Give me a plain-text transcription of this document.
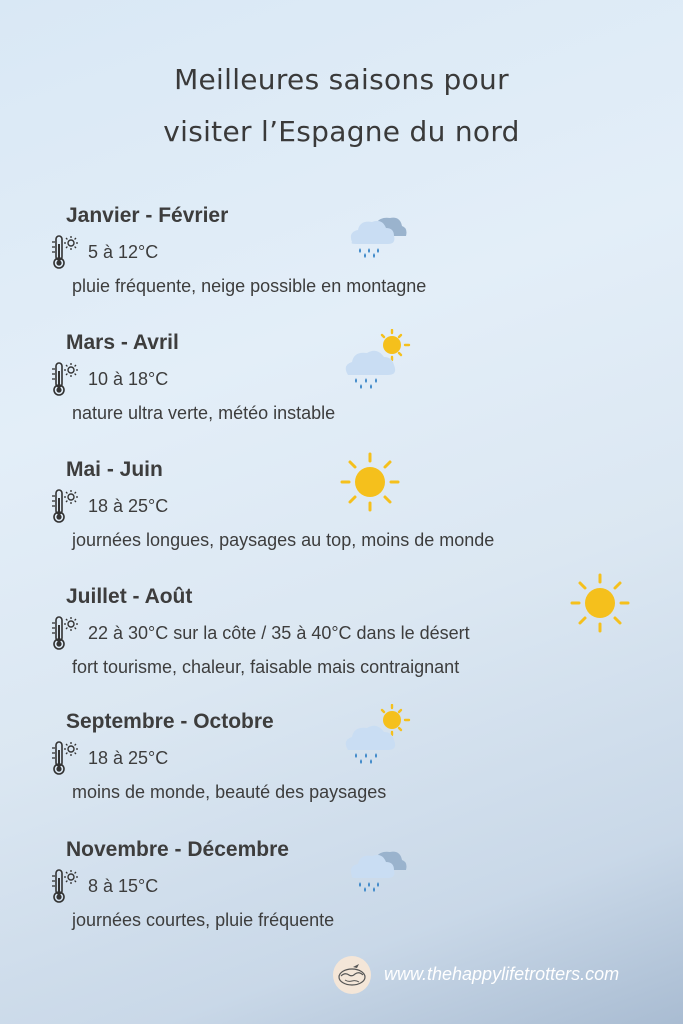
Meilleures saisons pour
visiter l’Espagne du nord
Janvier - Février
5 à 12°C
pluie fréquente, neige possible en montagne
Mars - Avril
10 à 18°C
nature ultra verte, météo instable
Mai - Juin
18 à 25°C
journées longues, paysages au top, moins de monde
Juillet - Août
22 à 30°C sur la côte / 35 à 40°C dans le désert
fort tourisme, chaleur, faisable mais contraignant
Septembre - Octobre
18 à 25°C
moins de monde, beauté des paysages
Novembre - Décembre
8 à 15°C
journées courtes, pluie fréquente
www.thehappylifetrotters.com
